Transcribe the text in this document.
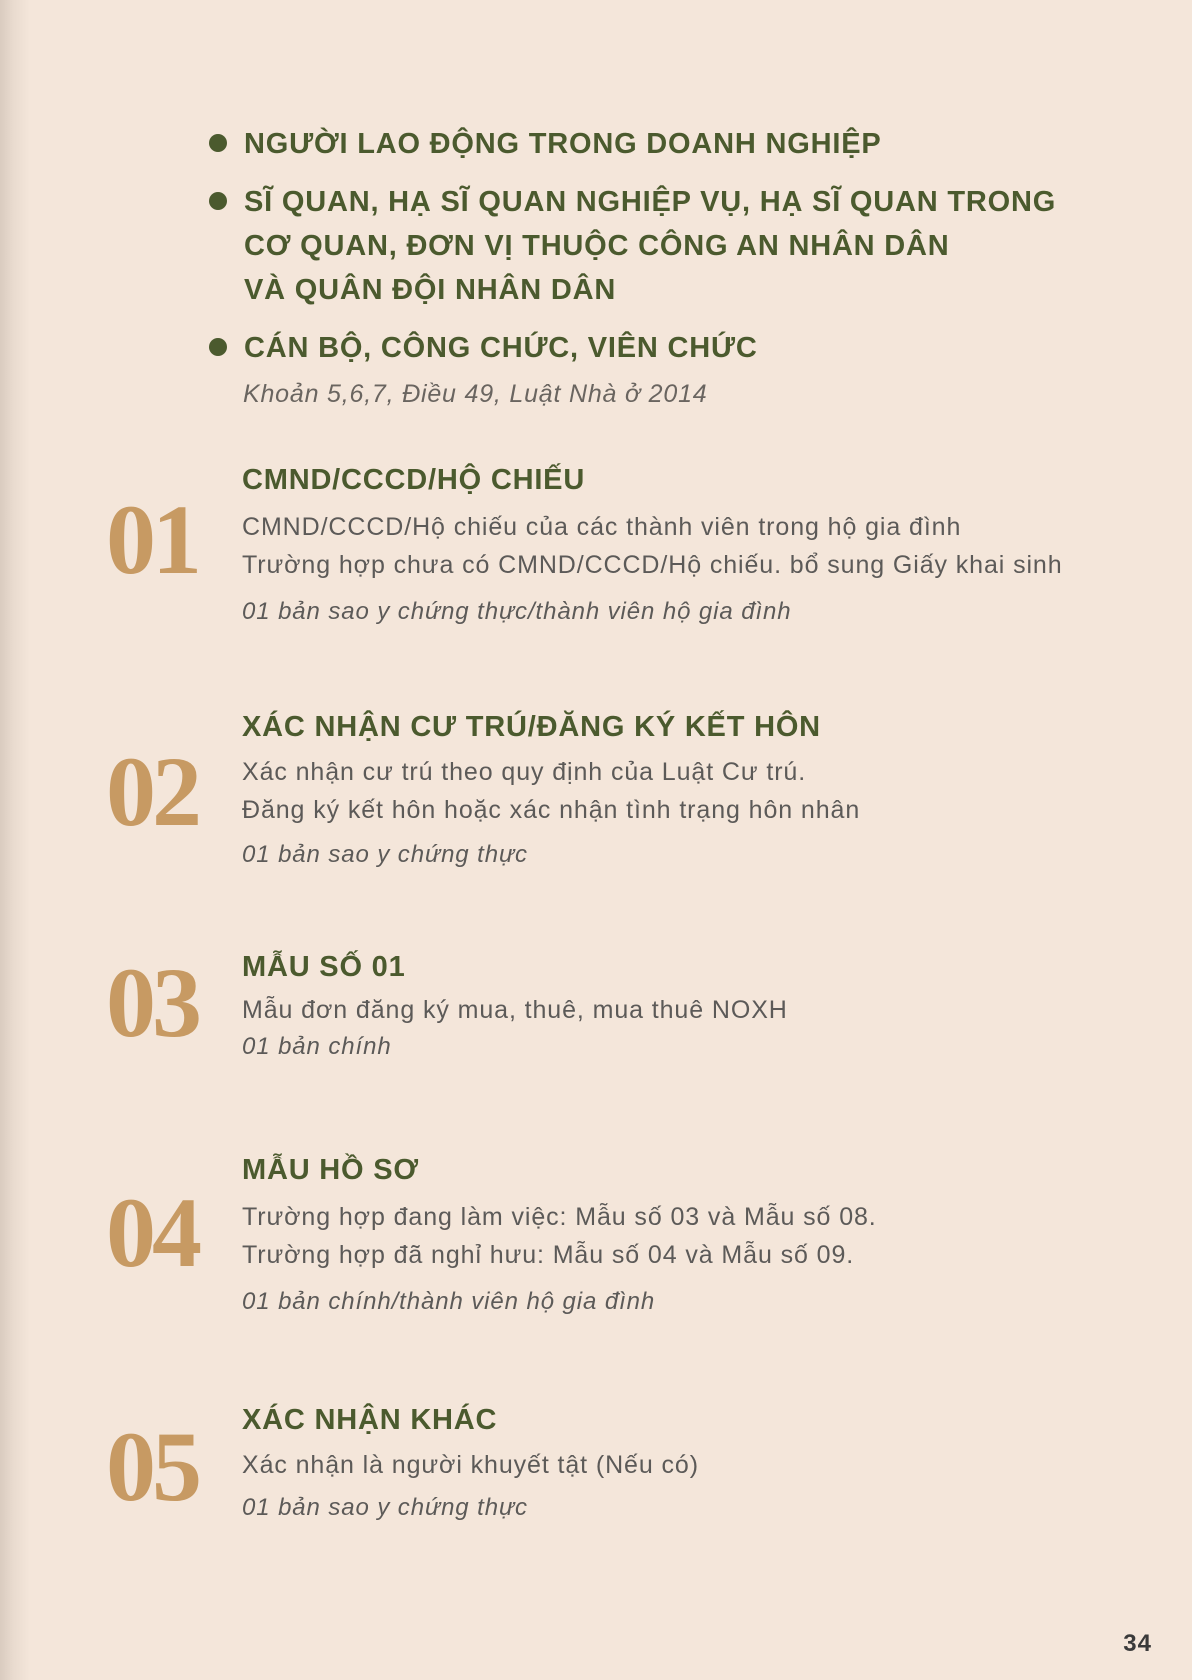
NGƯỜI LAO ĐỘNG TRONG DOANH NGHIỆP
SĨ QUAN, HẠ SĨ QUAN NGHIỆP VỤ, HẠ SĨ QUAN TRONG
CƠ QUAN, ĐƠN VỊ THUỘC CÔNG AN NHÂN DÂN
VÀ QUÂN ĐỘI NHÂN DÂN
CÁN BỘ, CÔNG CHỨC, VIÊN CHỨC
Khoản 5,6,7, Điều 49, Luật Nhà ở 2014
01
CMND/CCCD/HỘ CHIẾU
CMND/CCCD/Hộ chiếu của các thành viên trong hộ gia đình
Trường hợp chưa có CMND/CCCD/Hộ chiếu. bổ sung Giấy khai sinh
01 bản sao y chứng thực/thành viên hộ gia đình
02
XÁC NHẬN CƯ TRÚ/ĐĂNG KÝ KẾT HÔN
Xác nhận cư trú theo quy định của Luật Cư trú.
Đăng ký kết hôn hoặc xác nhận tình trạng hôn nhân
01 bản sao y chứng thực
03 MẪU SỐ 01
Mẫu đơn đăng ký mua, thuê, mua thuê NOXH
01 bản chính
04
MẪU HỒ SƠ
Trường hợp đang làm việc: Mẫu số 03 và Mẫu số 08.
Trường hợp đã nghỉ hưu: Mẫu số 04 và Mẫu số 09.
01 bản chính/thành viên hộ gia đình
05 XÁC NHẬN KHÁC
Xác nhận là người khuyết tật (Nếu có)
01 bản sao y chứng thực
34
